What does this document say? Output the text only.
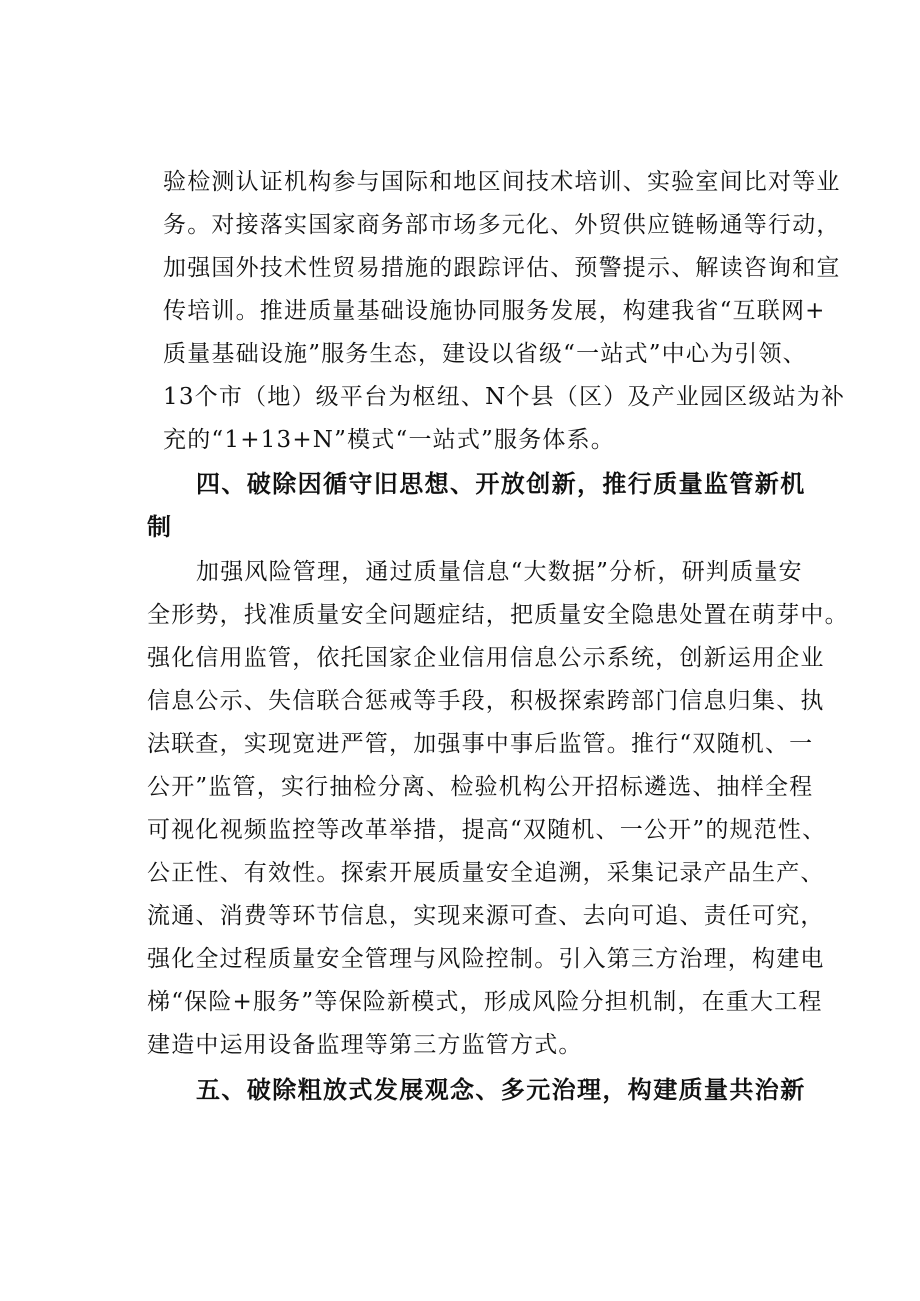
验检测认证机构参与国际和地区间技术培训、实验室间比对等业
务。对接落实国家商务部市场多元化、外贸供应链畅通等行动，
加强国外技术性贸易措施的跟踪评估、预警提示、解读咨询和宣
传培训。推进质量基础设施协同服务发展，构建我省“互联网+
质量基础设施”服务生态，建设以省级“一站式”中心为引领、
13个市（地）级平台为枢纽、N个县（区）及产业园区级站为补
充的“1+13+N”模式“一站式”服务体系。
四、破除因循守旧思想、开放创新，推行质量监管新机
制
加强风险管理，通过质量信息“大数据”分析，研判质量安
全形势，找准质量安全问题症结，把质量安全隐患处置在萌芽中。
强化信用监管，依托国家企业信用信息公示系统，创新运用企业
信息公示、失信联合惩戒等手段，积极探索跨部门信息归集、执
法联查，实现宽进严管，加强事中事后监管。推行“双随机、一
公开”监管，实行抽检分离、检验机构公开招标遴选、抽样全程
可视化视频监控等改革举措，提高“双随机、一公开”的规范性、
公正性、有效性。探索开展质量安全追溯，采集记录产品生产、
流通、消费等环节信息，实现来源可查、去向可追、责任可究，
强化全过程质量安全管理与风险控制。引入第三方治理，构建电
梯“保险+服务”等保险新模式，形成风险分担机制，在重大工程
建造中运用设备监理等第三方监管方式。
五、破除粗放式发展观念、多元治理，构建质量共治新
